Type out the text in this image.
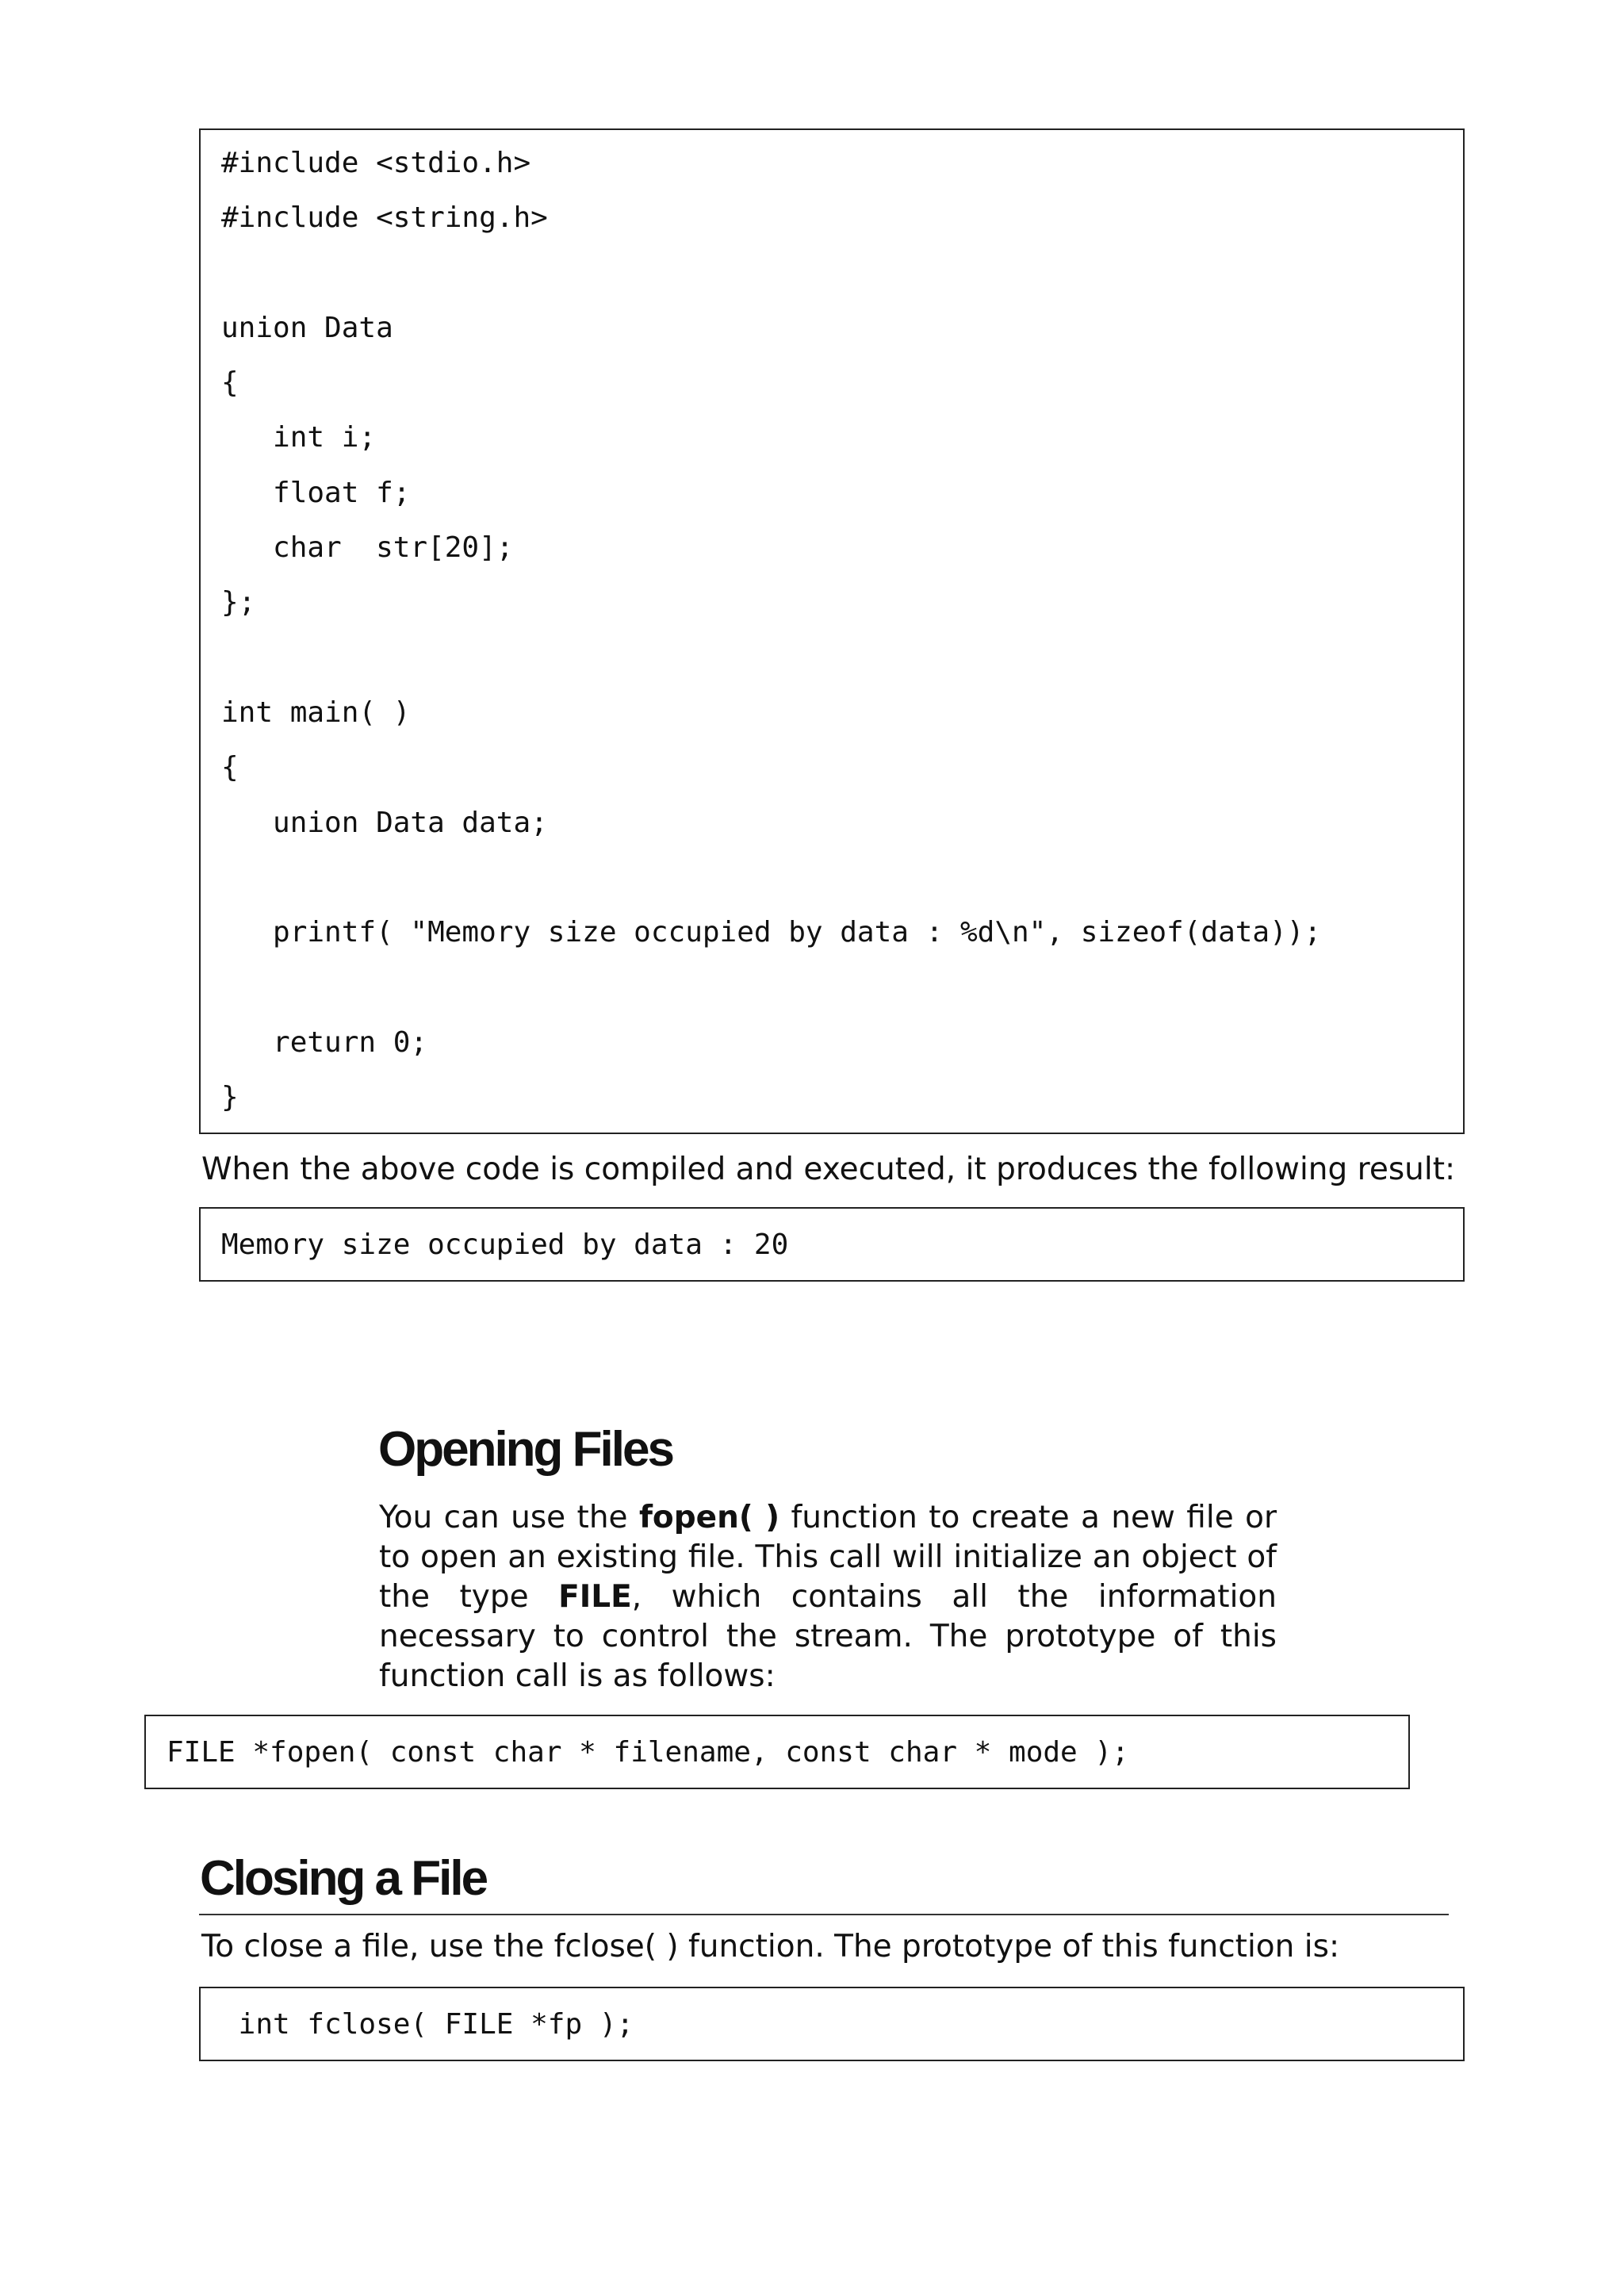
#include <stdio.h>
#include <string.h>
union Data
{
int i;
float f;
char  str[20];
};
int main( )
{
union Data data;
printf( "Memory size occupied by data : %d\n", sizeof(data));
return 0;
}
When the above code is compiled and executed, it produces the following result:
Memory size occupied by data : 20
Opening Files
You can use the fopen( ) function to create a new file or to open an existing file. This call will initialize an object of the type FILE, which contains all the information necessary to control the stream. The prototype of this function call is as follows:
FILE *fopen( const char * filename, const char * mode );
Closing a File
To close a file, use the fclose( ) function. The prototype of this function is:
int fclose( FILE *fp );
